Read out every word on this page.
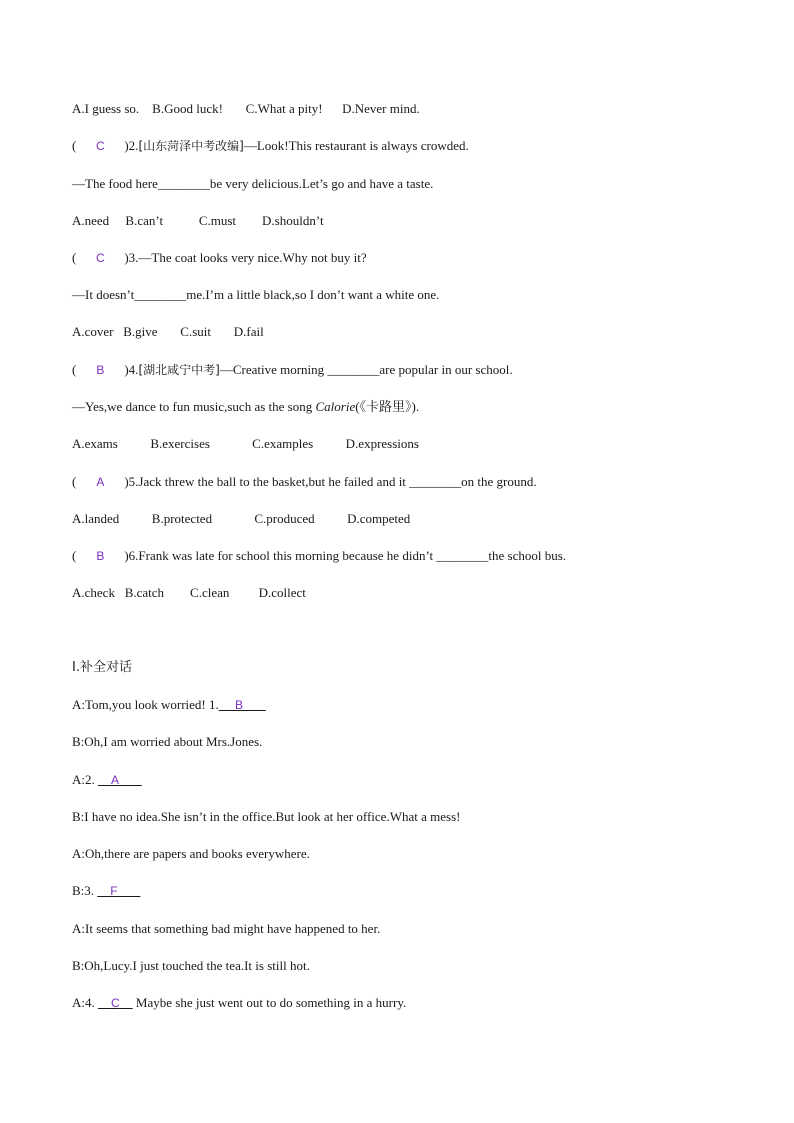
A.I guess so.    B.Good luck!       C.What a pity!      D.Never mind.
( C )2.[山东菏泽中考改编]—Look!This restaurant is always crowded.
—The food here________be very delicious.Let’s go and have a taste.
A.need     B.can’t           C.must        D.shouldn’t
( C )3.—The coat looks very nice.Why not buy it?
—It doesn’t________me.I’m a little black,so I don’t want a white one.
A.cover   B.give       C.suit       D.fail
( B )4.[湖北咸宁中考]—Creative morning ________are popular in our school.
—Yes,we dance to fun music,such as the song Calorie(《卡路里》).
A.exams          B.exercises             C.examples          D.expressions
( A )5.Jack threw the ball to the basket,but he failed and it ________on the ground.
A.landed          B.protected             C.produced          D.competed
( B )6.Frank was late for school this morning because he didn’t ________the school bus.
A.check   B.catch        C.clean         D.collect
Ⅰ.补全对话
A:Tom,you look worried! 1. B
B:Oh,I am worried about Mrs.Jones.
A:2.     A
B:I have no idea.She isn’t in the office.But look at her office.What a mess!
A:Oh,there are papers and books everywhere.
B:3.     F
A:It seems that something bad might have happened to her.
B:Oh,Lucy.I just touched the tea.It is still hot.
A:4.     C     Maybe she just went out to do something in a hurry.
